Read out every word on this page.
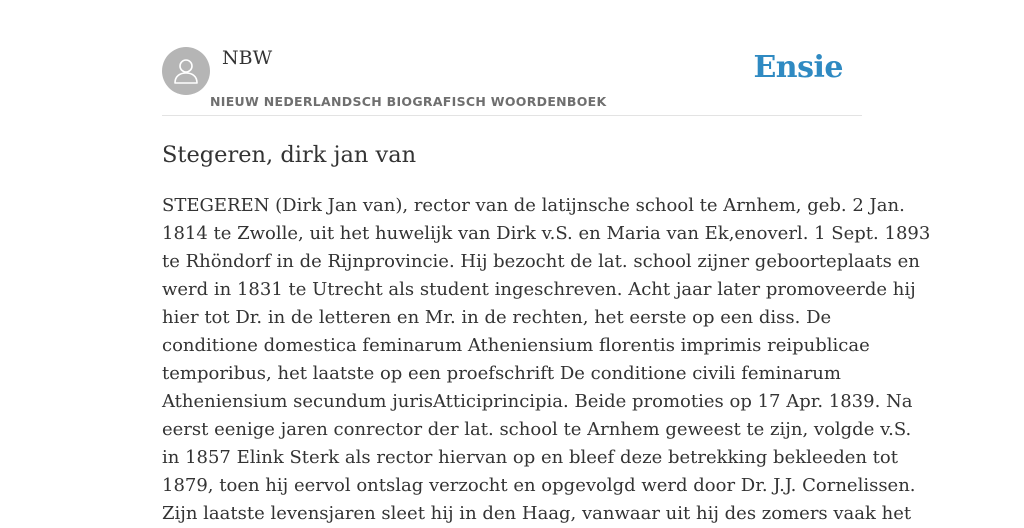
NBW
NIEUW NEDERLANDSCH BIOGRAFISCH WOORDENBOEK
Ensie
Stegeren, dirk jan van
STEGEREN (Dirk Jan van), rector van de latijnsche school te Arnhem, geb. 2 Jan.
1814 te Zwolle, uit het huwelijk van Dirk v.S. en Maria van Ek,enoverl. 1 Sept. 1893
te Rhöndorf in de Rijnprovincie. Hij bezocht de lat. school zijner geboorteplaats en
werd in 1831 te Utrecht als student ingeschreven. Acht jaar later promoveerde hij
hier tot Dr. in de letteren en Mr. in de rechten, het eerste op een diss. De
conditione domestica feminarum Atheniensium florentis imprimis reipublicae
temporibus, het laatste op een proefschrift De conditione civili feminarum
Atheniensium secundum jurisAtticiprincipia. Beide promoties op 17 Apr. 1839. Na
eerst eenige jaren conrector der lat. school te Arnhem geweest te zijn, volgde v.S.
in 1857 Elink Sterk als rector hiervan op en bleef deze betrekking bekleeden tot
1879, toen hij eervol ontslag verzocht en opgevolgd werd door Dr. J.J. Cornelissen.
Zijn laatste levensjaren sleet hij in den Haag, vanwaar uit hij des zomers vaak het
